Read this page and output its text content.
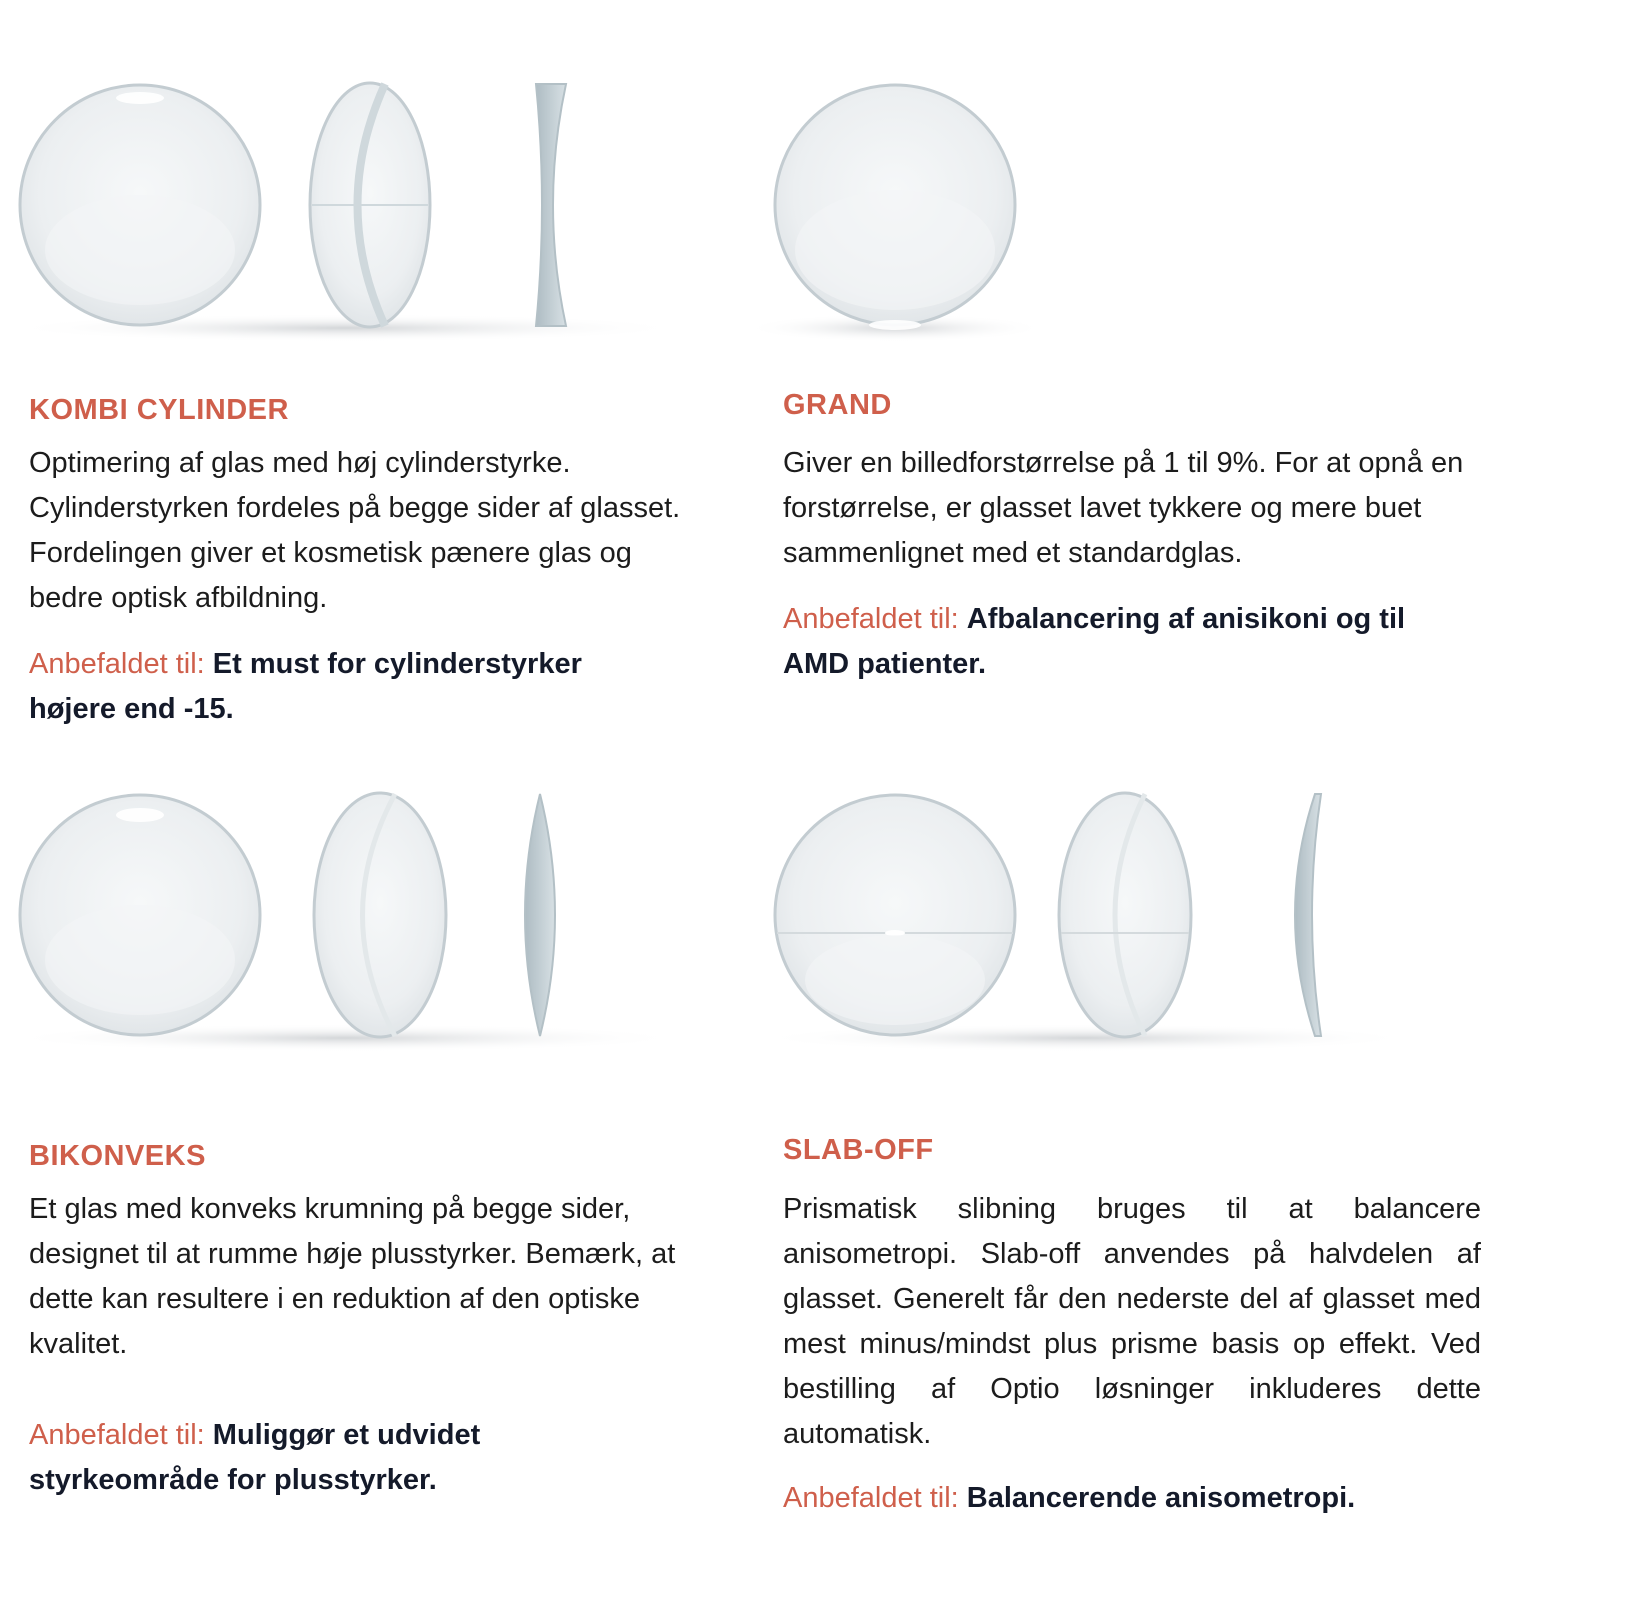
KOMBI CYLINDER

Optimering af glas med høj cylinderstyrke. Cylinderstyrken fordeles på begge sider af glasset. Fordelingen giver et kosmetisk pænere glas og bedre optisk afbildning.

Anbefaldet til: Et must for cylinderstyrker højere end -15.

GRAND

Giver en billedforstørrelse på 1 til 9%. For at opnå en forstørrelse, er glasset lavet tykkere og mere buet sammenlignet med et standardglas.

Anbefaldet til: Afbalancering af anisikoni og til AMD patienter.

BIKONVEKS

Et glas med konveks krumning på begge sider, designet til at rumme høje plusstyrker. Bemærk, at dette kan resultere i en reduktion af den optiske kvalitet.

Anbefaldet til: Muliggør et udvidet styrkeområde for plusstyrker.

SLAB-OFF

Prismatisk slibning bruges til at balancere anisometropi. Slab-off anvendes på halvdelen af glasset. Generelt får den nederste del af glasset med mest minus/mindst plus prisme basis op effekt. Ved bestilling af Optio løsninger inkluderes dette automatisk.

Anbefaldet til: Balancerende anisometropi.
